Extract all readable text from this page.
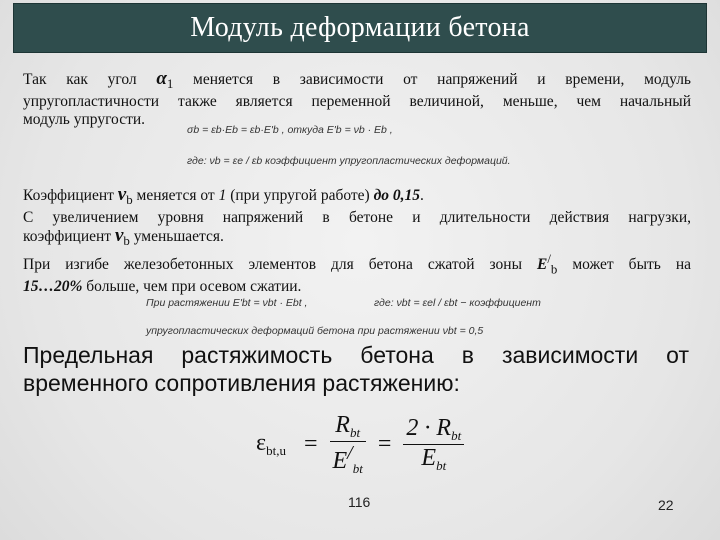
Модуль деформации бетона
Так как угол $\alpha_1$ меняется в зависимости от напряжений и времени, модуль
упругопластичности также является переменной величиной, меньше, чем начальный
модуль упругости.
σb = εb·Eb = εb·E'b , откуда E'b = νb · Eb ,
где: νb = εe / εb коэффициент упругопластических деформаций.
Коэффициент $\nu_b$ меняется от 1 (при упругой работе) до 0,15.
С увеличением уровня напряжений в бетоне и длительности действия нагрузки,
коэффициент $\nu_b$ уменьшается.
При изгибе железобетонных элементов для бетона сжатой зоны $E^/_b$ может быть на
15…20% больше, чем при осевом сжатии.
При растяжении E'bt = νbt · Ebt ,	где: νbt = εel / εbt − коэффициент
упругопластических деформаций бетона при растяжении νbt = 0,5
Предельная растяжимость бетона в зависимости от
временного сопротивления растяжению:
$\varepsilon_{bt,u} = \frac{R_{bt}}{E^/_{bt}} = \frac{2 \cdot R_{bt}}{E_{bt}}$
116	22
